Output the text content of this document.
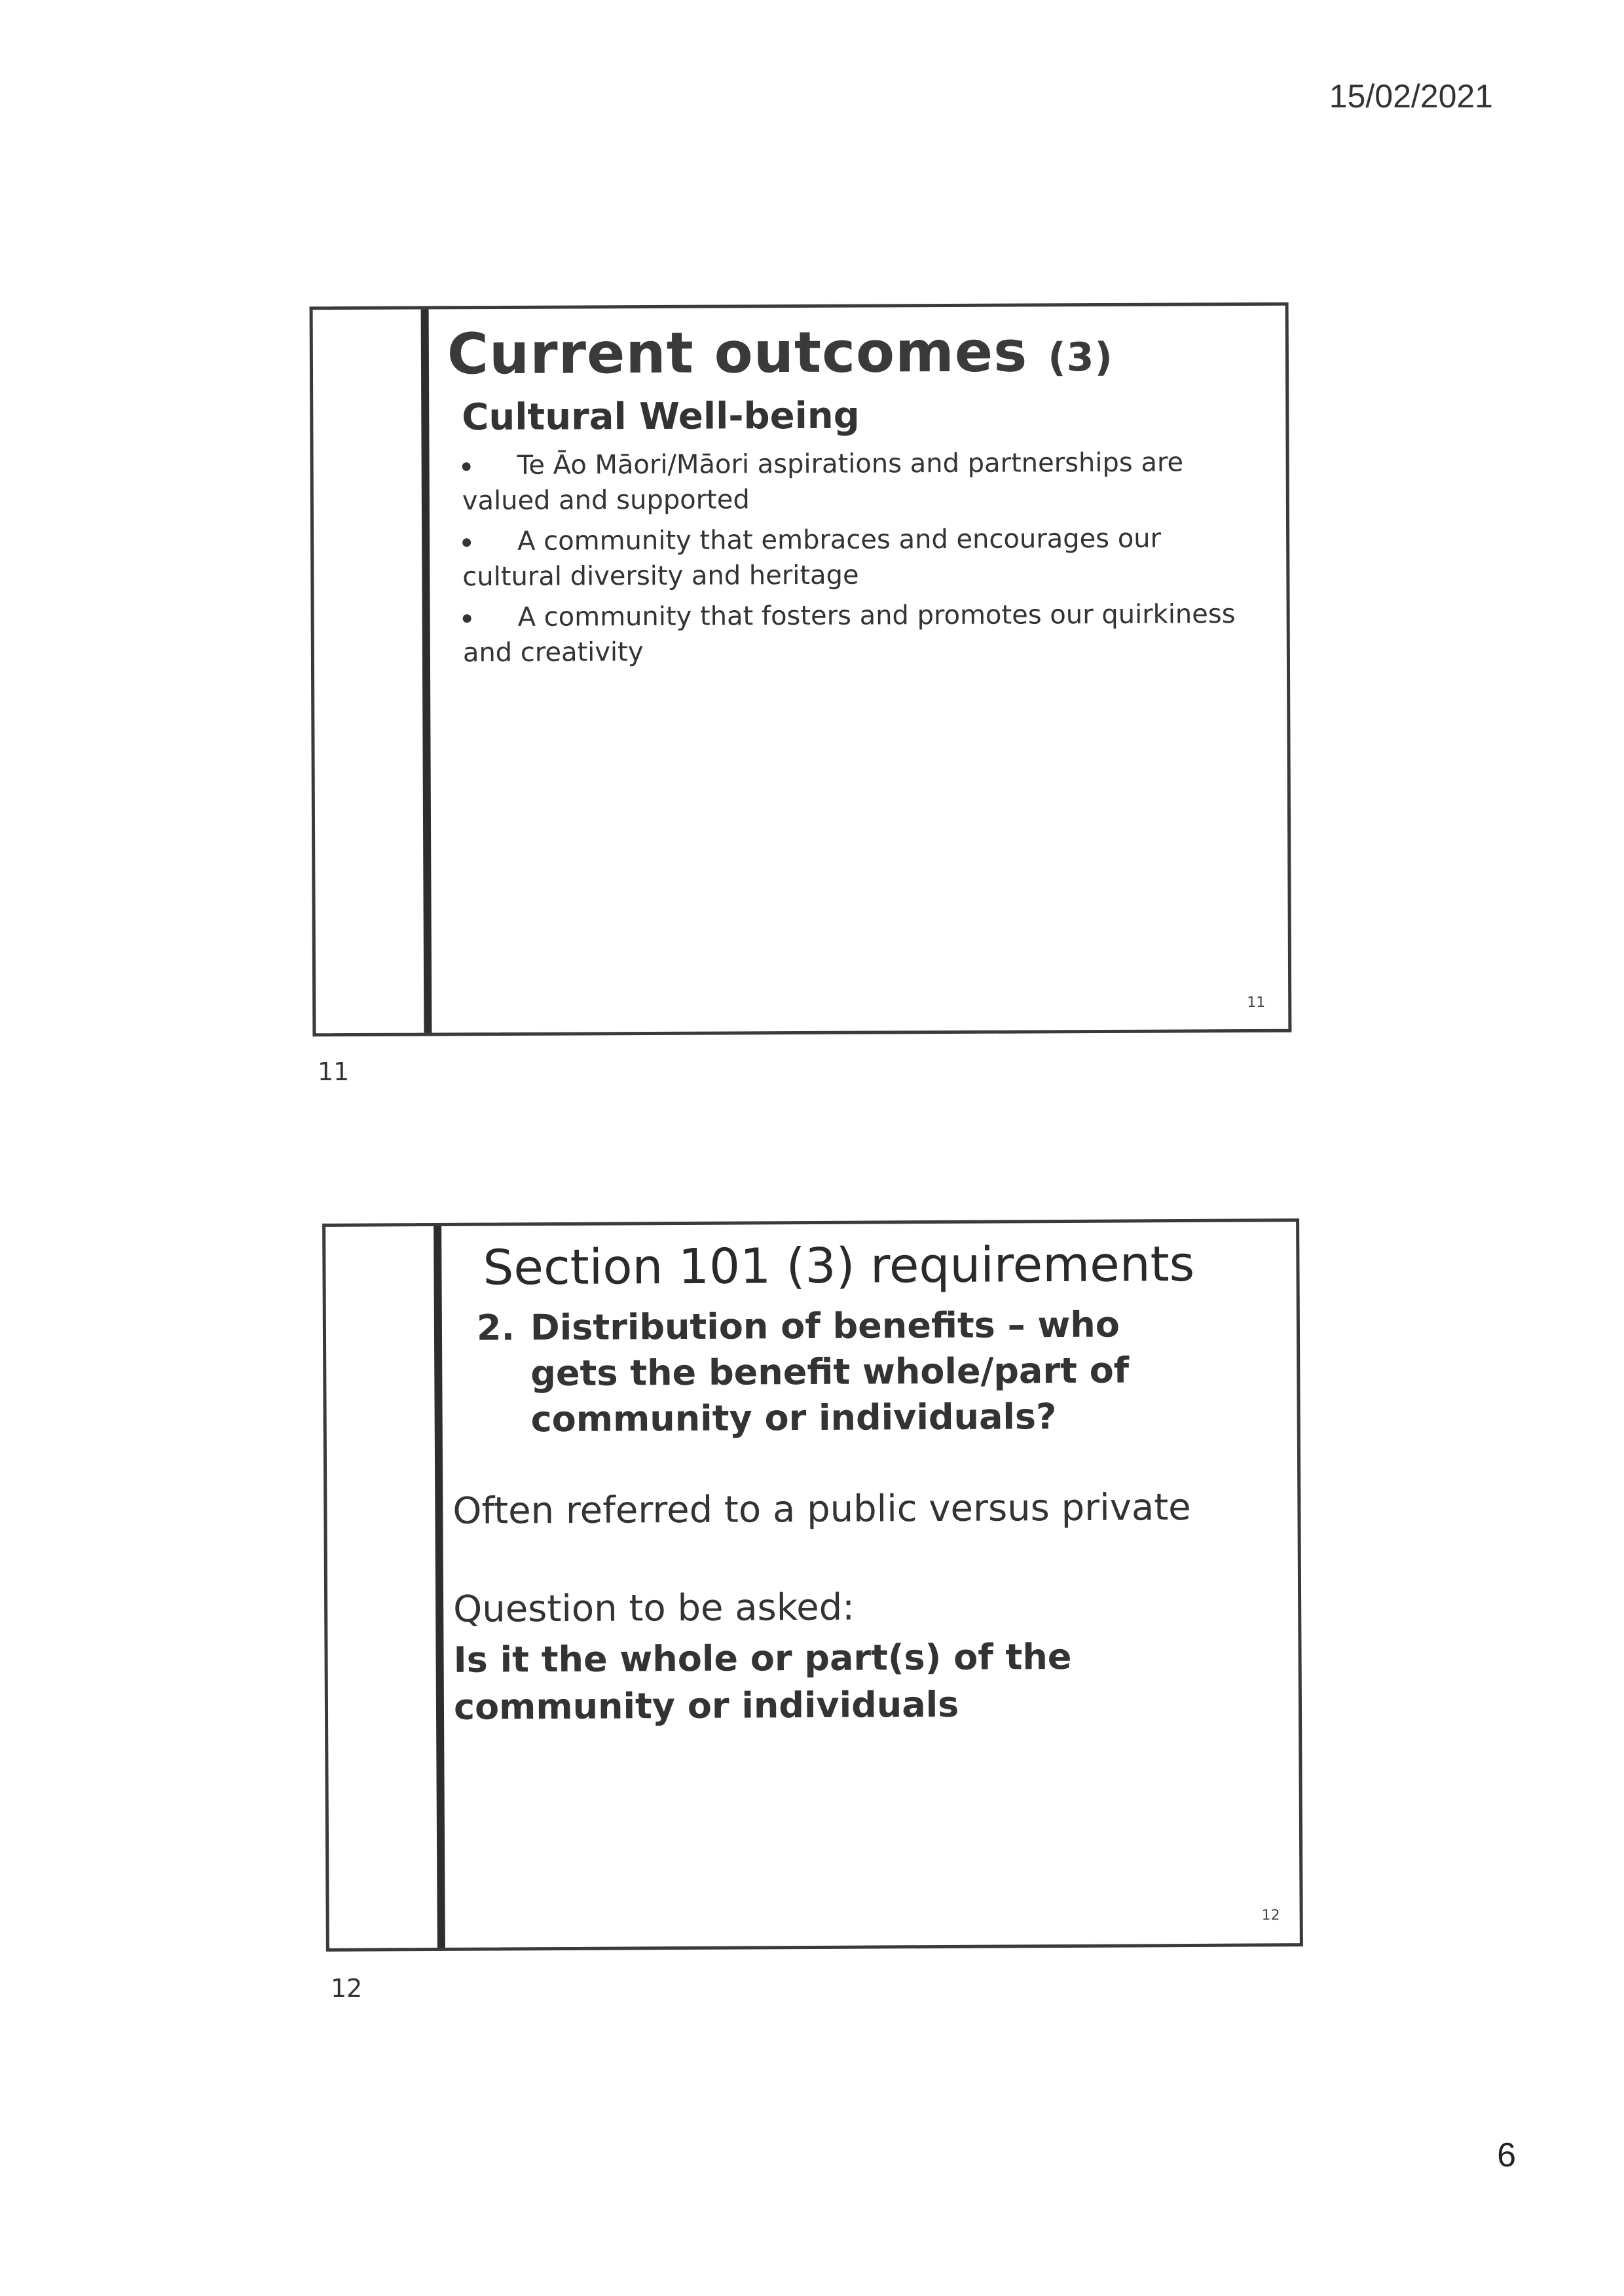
15/02/2021
Current outcomes (3)
Cultural Well-being
Te Āo Māori/Māori aspirations and partnerships are valued and supported
A community that embraces and encourages our cultural diversity and heritage
A community that fosters and promotes our quirkiness and creativity
11
11
Section 101 (3) requirements
2. Distribution of benefits – who gets the benefit whole/part of community or individuals?
Often referred to a public versus private
Question to be asked:
Is it the whole or part(s) of the community or individuals
12
12
6
